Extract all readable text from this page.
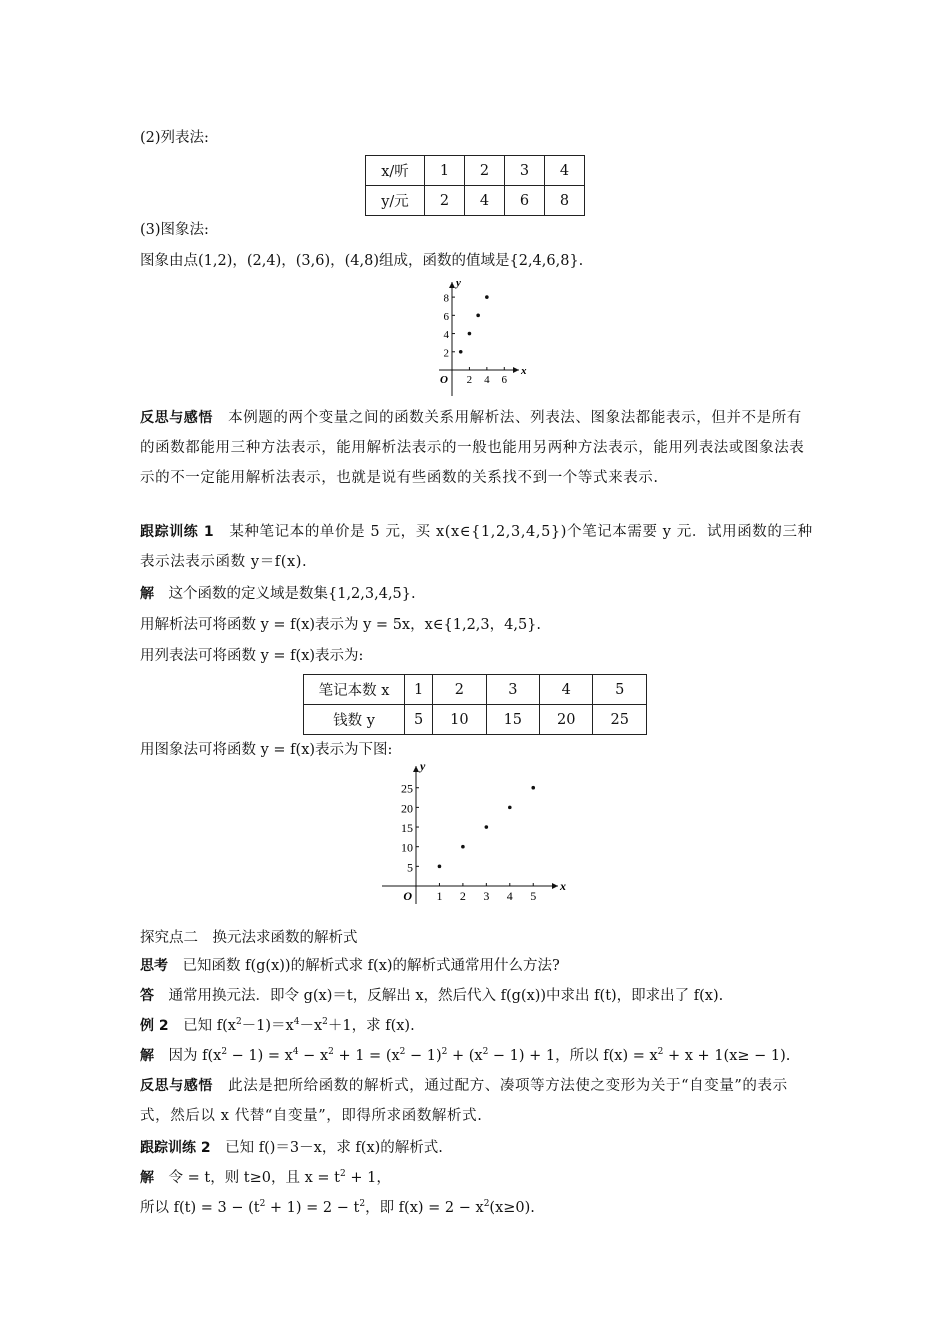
(2)列表法:
x/听	1	2	3	4
y/元	2	4	6	8
(3)图象法:
图象由点(1,2)，(2,4)，(3,6)，(4,8)组成，函数的值域是{2,4,6,8}.
2 4 6
2
4
6
8
O
x
y
反思与感悟　 本例题的两个变量之间的函数关系用解析法、列表法、图象法都能表示，但并不是所有的函数都能用三种方法表示，能用解析法表示的一般也能用另两种方法表示，能用列表法或图象法表示的不一定能用解析法表示，也就是说有些函数的关系找不到一个等式来表示.
跟踪训练 1　 某种笔记本的单价是 5 元，买 x(x∈{1,2,3,4,5})个笔记本需要 y 元．试用函数的三种表示法表示函数 y＝f(x).
解　 这个函数的定义域是数集{1,2,3,4,5}.
用解析法可将函数 y = f(x)表示为 y = 5x，x∈{1,2,3，4,5}.
用列表法可将函数 y = f(x)表示为:
笔记本数 x	1	2	3	4	5
钱数 y	5	10	15	20	25
用图象法可将函数 y = f(x)表示为下图:
1 2 3 4 5
5
10
15
20
25
O
x
y
探究点二　换元法求函数的解析式
思考　 已知函数 f(g(x))的解析式求 f(x)的解析式通常用什么方法?
答　 通常用换元法．即令 g(x)＝t，反解出 x，然后代入 f(g(x))中求出 f(t)，即求出了 f(x).
例 2　 已知 $f(x^2-1)=x^4-x^2+1$，求 f(x).
解　 因为 $f(x^2 - 1) = x^4 - x^2 + 1 = (x^2 - 1)^2 + (x^2 - 1) + 1$，所以 $f(x) = x^2 + x + 1(x\ge - 1)$.
反思与感悟　 此法是把所给函数的解析式，通过配方、凑项等方法使之变形为关于“自变量”的表示式，然后以 x 代替“自变量”，即得所求函数解析式.
跟踪训练 2　 已知 f()＝3－x，求 f(x)的解析式.
解　 令 = t，则 t≥0，且 $x = t^2 + 1$，
所以 $f(t) = 3 - (t^2 + 1) = 2 - t^2$，即 $f(x) = 2 - x^2(x\ge 0)$.
